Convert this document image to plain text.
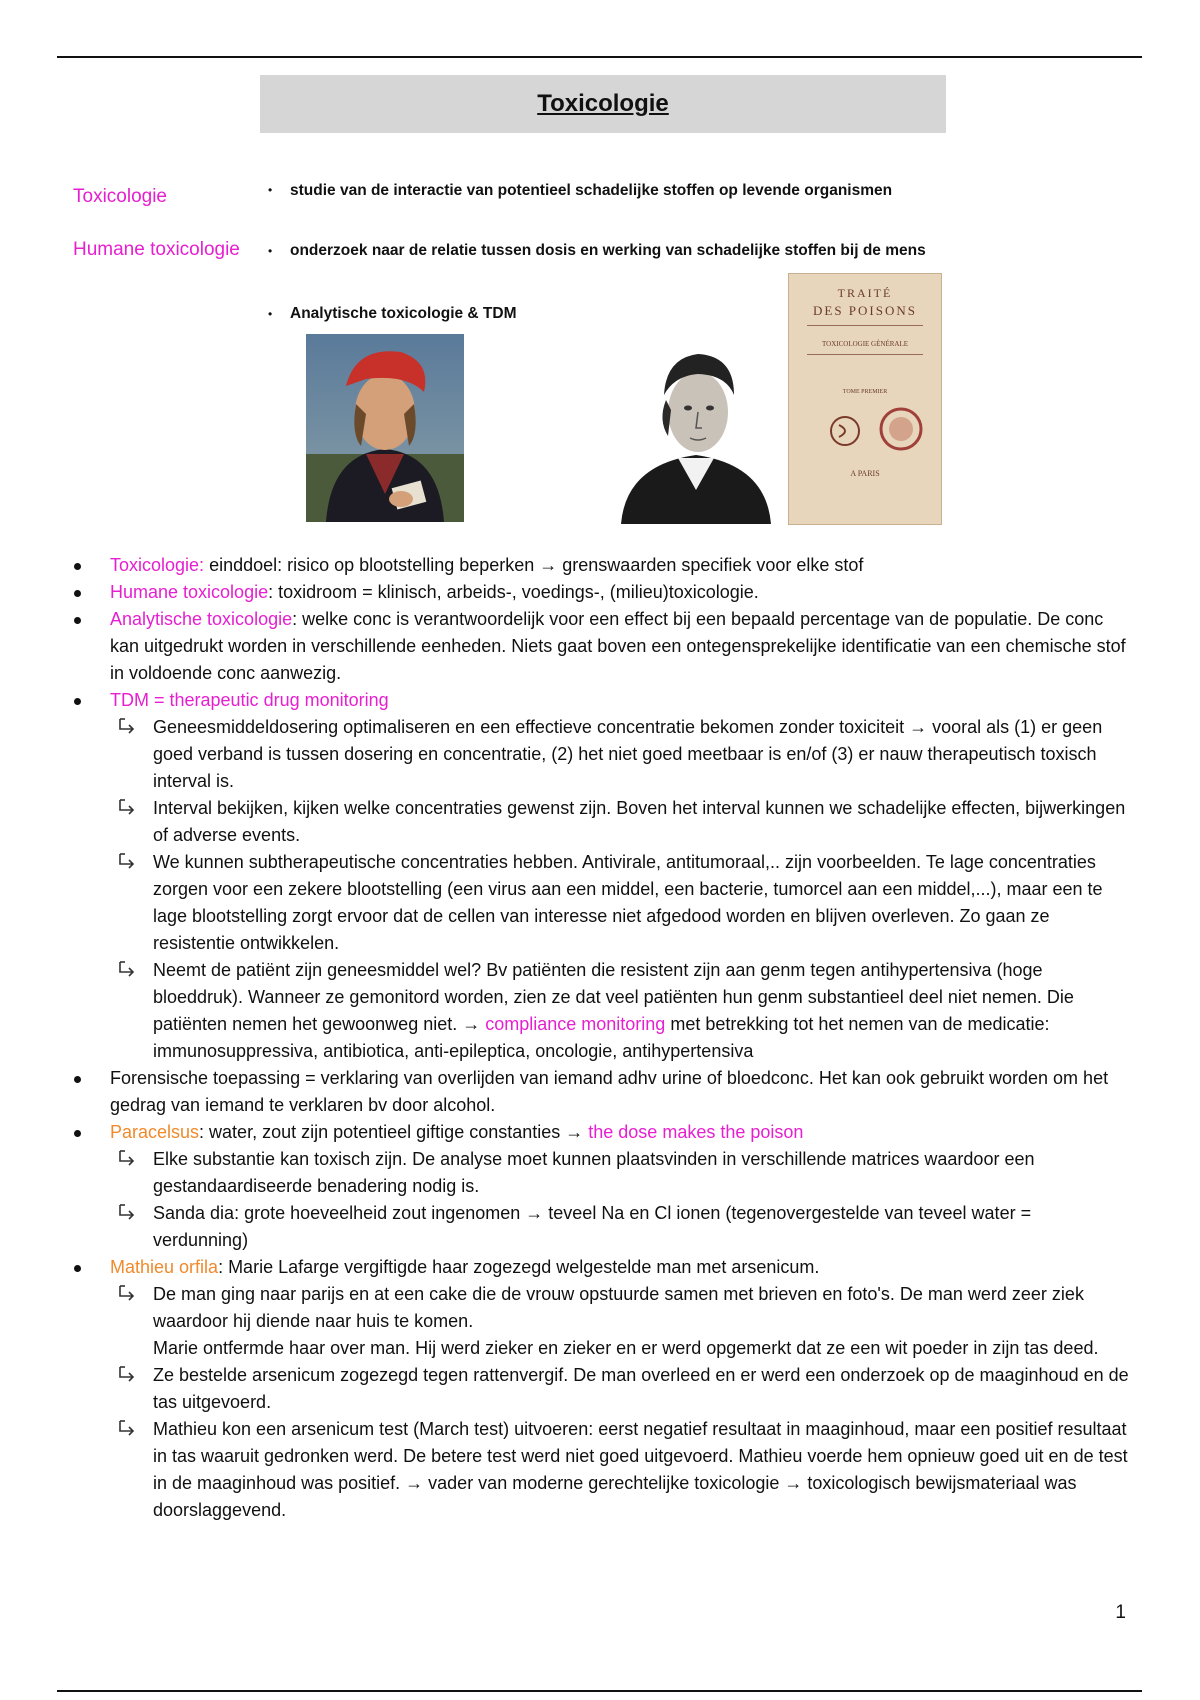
Toxicologie
Toxicologie	• studie van de interactie van potentieel schadelijke stoffen op levende organismen
Humane toxicologie • onderzoek naar de relatie tussen dosis en werking van schadelijke stoffen bij de mens
• Analytische toxicologie & TDM
TRAITÉ
DES POISONS
TOXICOLOGIE GÉNÉRALE
TOME PREMIER
A PARIS
Toxicologie: einddoel: risico op blootstelling beperken → grenswaarden specifiek voor elke stof
Humane toxicologie: toxidroom = klinisch, arbeids-, voedings-, (milieu)toxicologie.
Analytische toxicologie: welke conc is verantwoordelijk voor een effect bij een bepaald percentage van de populatie. De conc kan uitgedrukt worden in verschillende eenheden. Niets gaat boven een ontegensprekelijke identificatie van een chemische stof in voldoende conc aanwezig.
TDM = therapeutic drug monitoring
Geneesmiddeldosering optimaliseren en een effectieve concentratie bekomen zonder toxiciteit → vooral als (1) er geen goed verband is tussen dosering en concentratie, (2) het niet goed meetbaar is en/of (3) er nauw therapeutisch toxisch interval is.
Interval bekijken, kijken welke concentraties gewenst zijn. Boven het interval kunnen we schadelijke effecten, bijwerkingen of adverse events.
We kunnen subtherapeutische concentraties hebben. Antivirale, antitumoraal,.. zijn voorbeelden. Te lage concentraties zorgen voor een zekere blootstelling (een virus aan een middel, een bacterie, tumorcel aan een middel,...), maar een te lage blootstelling zorgt ervoor dat de cellen van interesse niet afgedood worden en blijven overleven. Zo gaan ze resistentie ontwikkelen.
Neemt de patiënt zijn geneesmiddel wel? Bv patiënten die resistent zijn aan genm tegen antihypertensiva (hoge bloeddruk). Wanneer ze gemonitord worden, zien ze dat veel patiënten hun genm substantieel deel niet nemen. Die patiënten nemen het gewoonweg niet. → compliance monitoring met betrekking tot het nemen van de medicatie: immunosuppressiva, antibiotica, anti-epileptica, oncologie, antihypertensiva
Forensische toepassing = verklaring van overlijden van iemand adhv urine of bloedconc. Het kan ook gebruikt worden om het gedrag van iemand te verklaren bv door alcohol.
Paracelsus: water, zout zijn potentieel giftige constanties → the dose makes the poison
Elke substantie kan toxisch zijn. De analyse moet kunnen plaatsvinden in verschillende matrices waardoor een gestandaardiseerde benadering nodig is.
Sanda dia: grote hoeveelheid zout ingenomen → teveel Na en Cl ionen (tegenovergestelde van teveel water = verdunning)
Mathieu orfila: Marie Lafarge vergiftigde haar zogezegd welgestelde man met arsenicum.
De man ging naar parijs en at een cake die de vrouw opstuurde samen met brieven en foto's. De man werd zeer ziek waardoor hij diende naar huis te komen.
Marie ontfermde haar over man. Hij werd zieker en zieker en er werd opgemerkt dat ze een wit poeder in zijn tas deed.
Ze bestelde arsenicum zogezegd tegen rattenvergif. De man overleed en er werd een onderzoek op de maaginhoud en de tas uitgevoerd.
Mathieu kon een arsenicum test (March test) uitvoeren: eerst negatief resultaat in maaginhoud, maar een positief resultaat in tas waaruit gedronken werd. De betere test werd niet goed uitgevoerd. Mathieu voerde hem opnieuw goed uit en de test in de maaginhoud was positief. → vader van moderne gerechtelijke toxicologie → toxicologisch bewijsmateriaal was doorslaggevend.
1
